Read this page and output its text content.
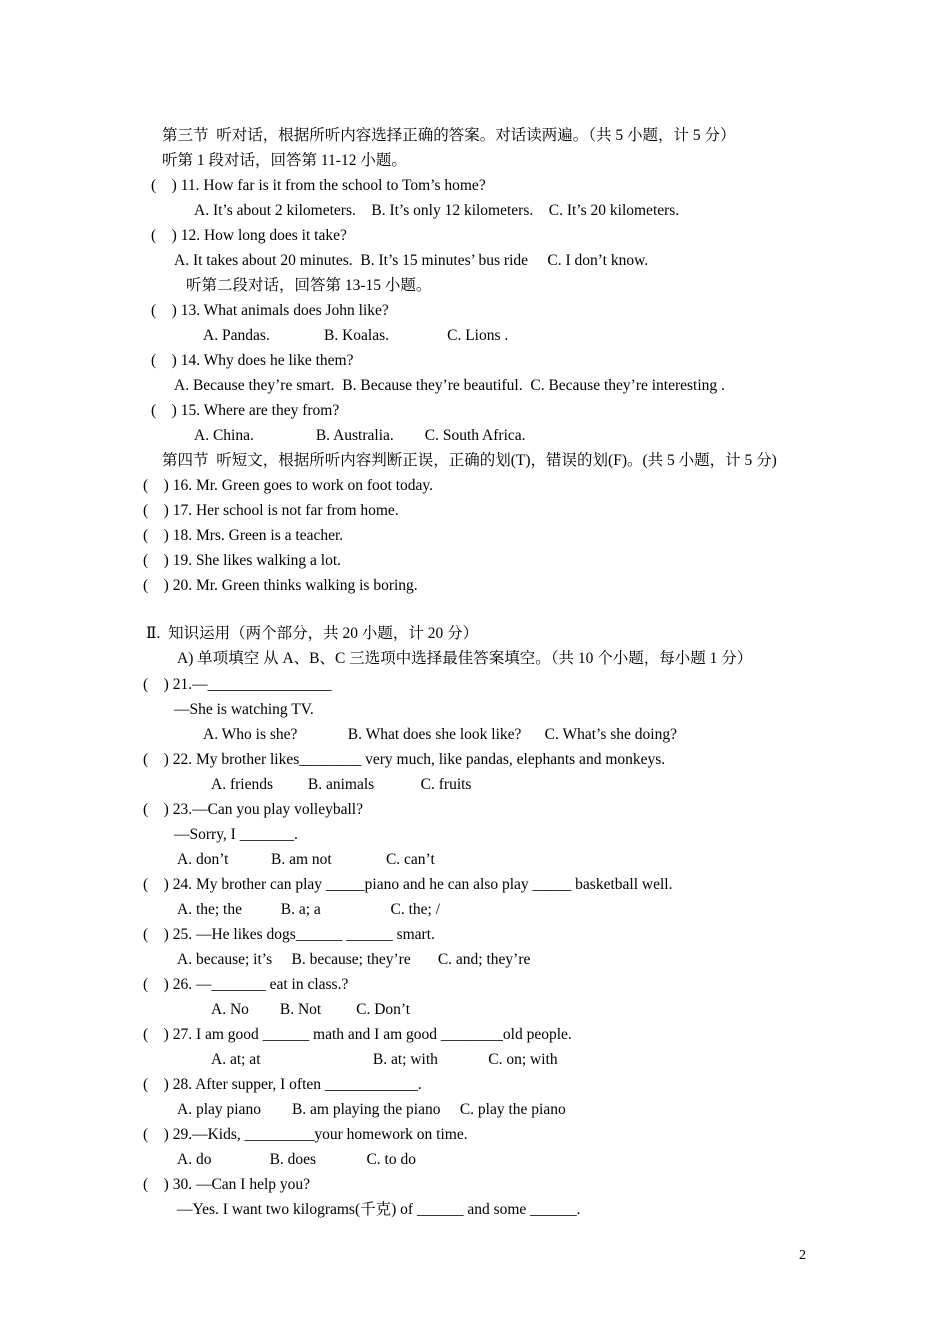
第三节  听对话，根据所听内容选择正确的答案。对话读两遍。（共 5 小题，计 5 分）
听第 1 段对话，回答第 11-12 小题。
(    ) 11. How far is it from the school to Tom’s home?
A. It’s about 2 kilometers.    B. It’s only 12 kilometers.    C. It’s 20 kilometers.
(    ) 12. How long does it take?
A. It takes about 20 minutes.  B. It’s 15 minutes’ bus ride     C. I don’t know.
听第二段对话，回答第 13-15 小题。
(    ) 13. What animals does John like?
A. Pandas.              B. Koalas.               C. Lions .
(    ) 14. Why does he like them?
A. Because they’re smart.  B. Because they’re beautiful.  C. Because they’re interesting .
(    ) 15. Where are they from?
A. China.                B. Australia.        C. South Africa.
第四节  听短文，根据所听内容判断正误，正确的划(T)，错误的划(F)。(共 5 小题，计 5 分)
(    ) 16. Mr. Green goes to work on foot today.
(    ) 17. Her school is not far from home.
(    ) 18. Mrs. Green is a teacher.
(    ) 19. She likes walking a lot.
(    ) 20. Mr. Green thinks walking is boring.
Ⅱ.  知识运用（两个部分，共 20 小题，计 20 分）
A) 单项填空 从 A、B、C 三选项中选择最佳答案填空。（共 10 个小题，每小题 1 分）
(    ) 21.—________________
—She is watching TV.
A. Who is she?             B. What does she look like?      C. What’s she doing?
(    ) 22. My brother likes________ very much, like pandas, elephants and monkeys.
A. friends         B. animals            C. fruits
(    ) 23.—Can you play volleyball?
—Sorry, I _______.
A. don’t           B. am not              C. can’t
(    ) 24. My brother can play _____piano and he can also play _____ basketball well.
A. the; the          B. a; a                  C. the; /
(    ) 25. —He likes dogs______ ______ smart.
A. because; it’s     B. because; they’re       C. and; they’re
(    ) 26. —_______ eat in class.?
A. No        B. Not         C. Don’t
(    ) 27. I am good ______ math and I am good ________old people.
A. at; at                             B. at; with             C. on; with
(    ) 28. After supper, I often ____________.
A. play piano        B. am playing the piano     C. play the piano
(    ) 29.—Kids, _________your homework on time.
A. do               B. does             C. to do
(    ) 30. —Can I help you?
—Yes. I want two kilograms(千克) of ______ and some ______.
2
